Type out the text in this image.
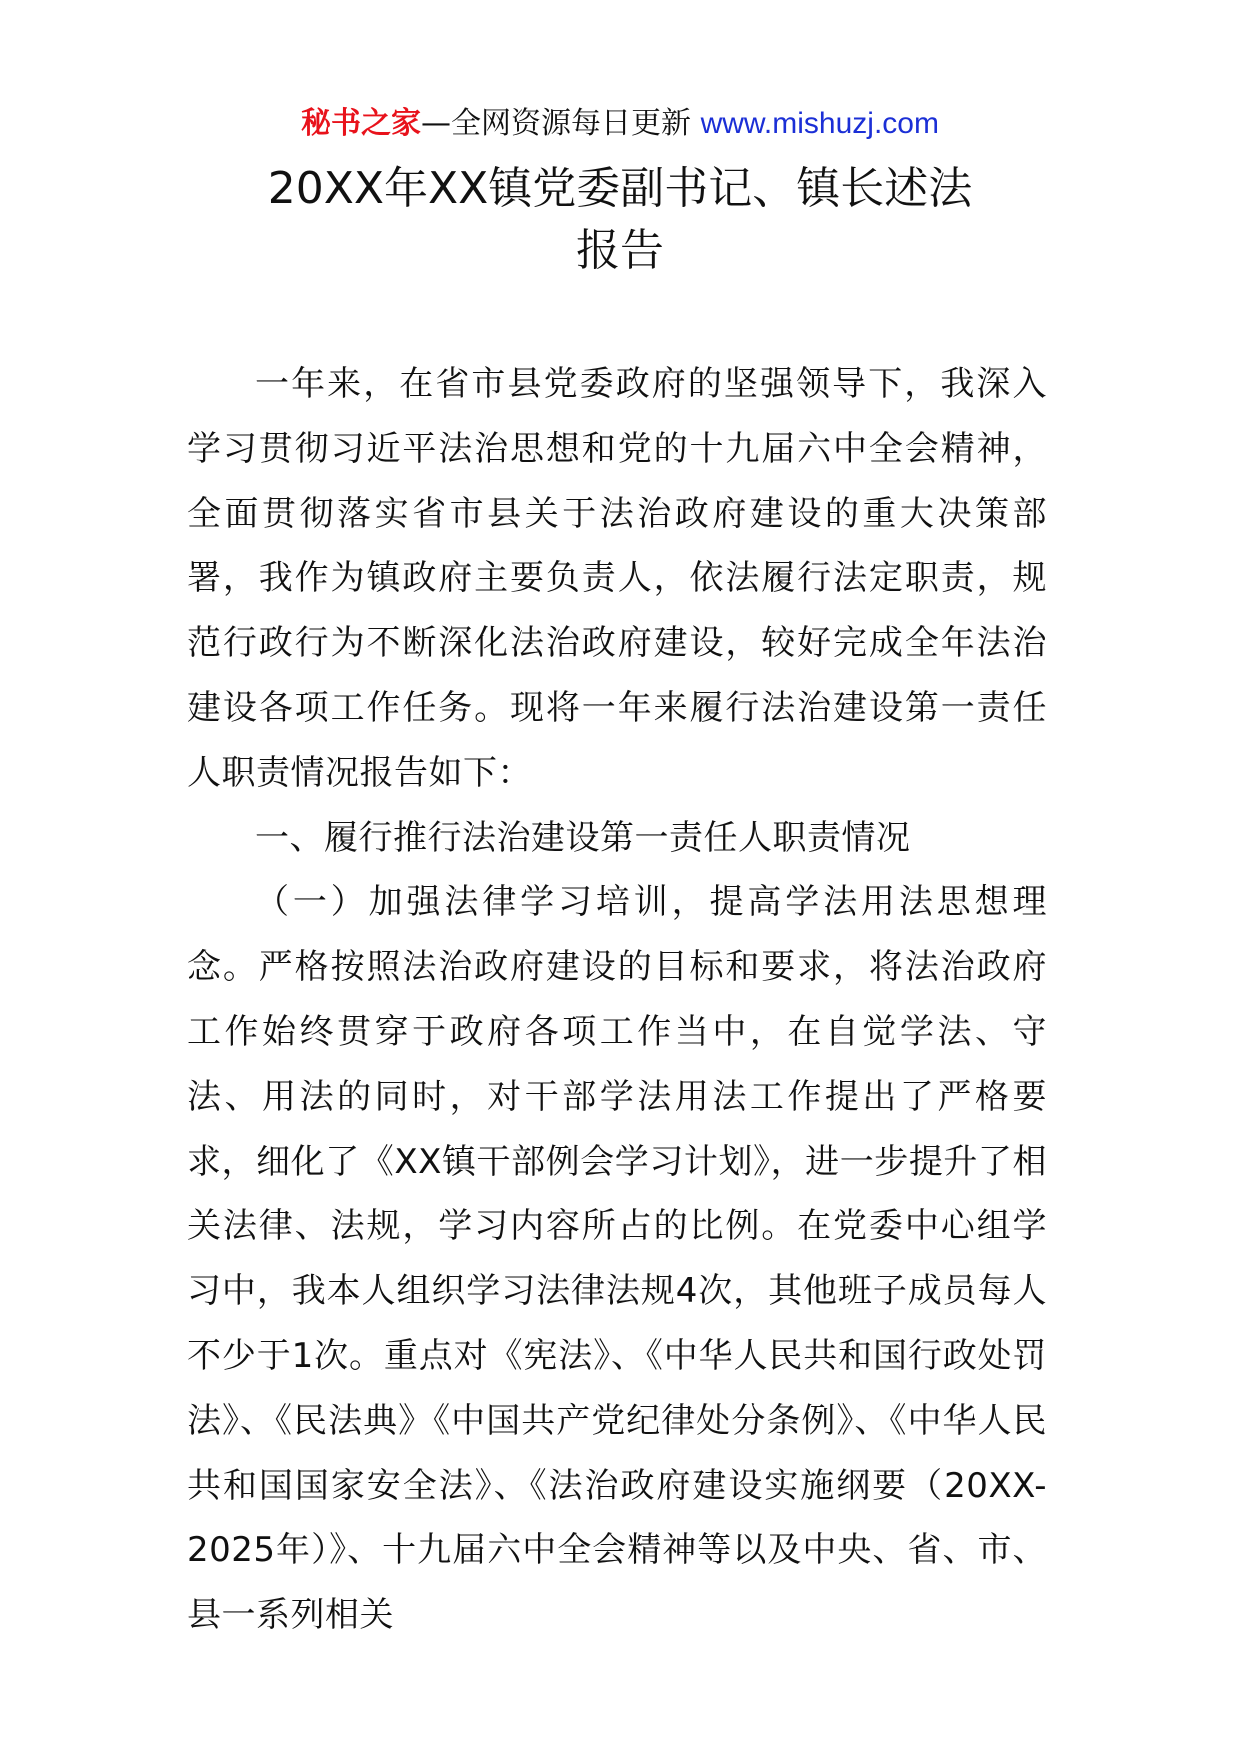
秘书之家—全网资源每日更新 www.mishuzj.com
20XX年XX镇党委副书记、镇长述法
报告

一年来，在省市县党委政府的坚强领导下，我深入学习贯彻习近平法治思想和党的十九届六中全会精神，全面贯彻落实省市县关于法治政府建设的重大决策部署，我作为镇政府主要负责人，依法履行法定职责，规范行政行为不断深化法治政府建设，较好完成全年法治建设各项工作任务。现将一年来履行法治建设第一责任人职责情况报告如下：

一、履行推行法治建设第一责任人职责情况

（一）加强法律学习培训，提高学法用法思想理念。严格按照法治政府建设的目标和要求，将法治政府工作始终贯穿于政府各项工作当中，在自觉学法、守法、用法的同时，对干部学法用法工作提出了严格要求，细化了《XX镇干部例会学习计划》，进一步提升了相关法律、法规，学习内容所占的比例。在党委中心组学习中，我本人组织学习法律法规4次，其他班子成员每人不少于1次。重点对《宪法》、《中华人民共和国行政处罚法》、《民法典》《中国共产党纪律处分条例》、《中华人民共和国国家安全法》、《法治政府建设实施纲要（20XX-2025年）》、十九届六中全会精神等以及中央、省、市、县一系列相关
